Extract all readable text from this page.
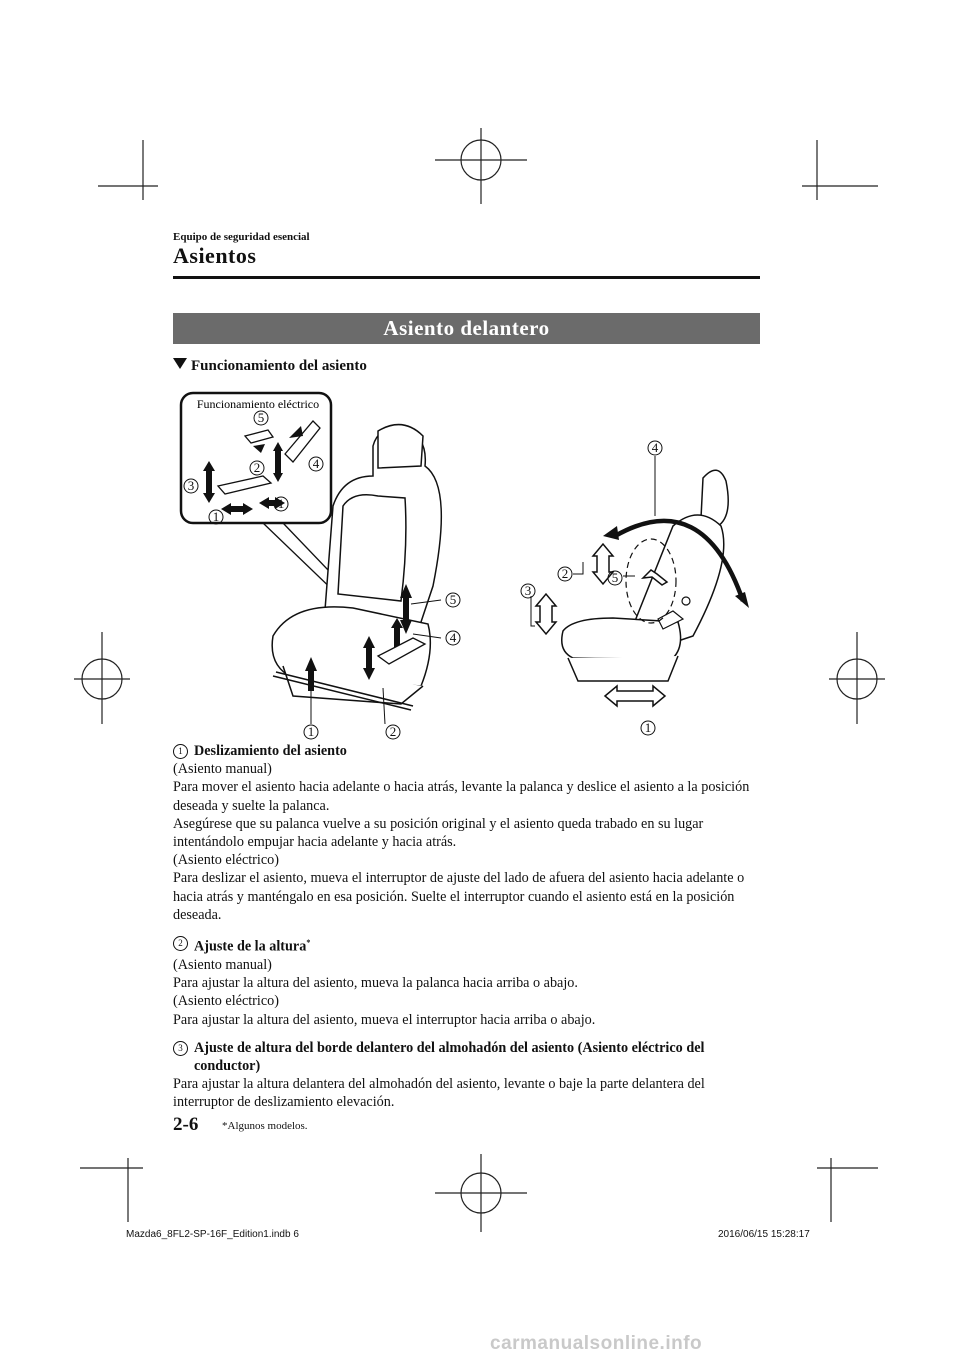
Equipo de seguridad esencial
Asientos
Asiento delantero
Funcionamiento del asiento
Funcionamiento eléctrico
5
4
2
3
1
1
5
4
1	2
4
2	5
3
1
1 Deslizamiento del asiento

(Asiento manual)

Para mover el asiento hacia adelante o hacia atrás, levante la palanca y deslice el asiento a la posición deseada y suelte la palanca.

Asegúrese que su palanca vuelve a su posición original y el asiento queda trabado en su lugar intentándolo empujar hacia adelante y hacia atrás.

(Asiento eléctrico)

Para deslizar el asiento, mueva el interruptor de ajuste del lado de afuera del asiento hacia adelante o hacia atrás y manténgalo en esa posición. Suelte el interruptor cuando el asiento está en la posición deseada.

2 Ajuste de la altura*

(Asiento manual)

Para ajustar la altura del asiento, mueva la palanca hacia arriba o abajo.

(Asiento eléctrico)

Para ajustar la altura del asiento, mueva el interruptor hacia arriba o abajo.

3 Ajuste de altura del borde delantero del almohadón del asiento (Asiento eléctrico del conductor)

Para ajustar la altura delantera del almohadón del asiento, levante o baje la parte delantera del interruptor de deslizamiento elevación.

2-6 *Algunos modelos.
Mazda6_8FL2-SP-16F_Edition1.indb 6	2016/06/15 15:28:17
carmanualsonline.info
